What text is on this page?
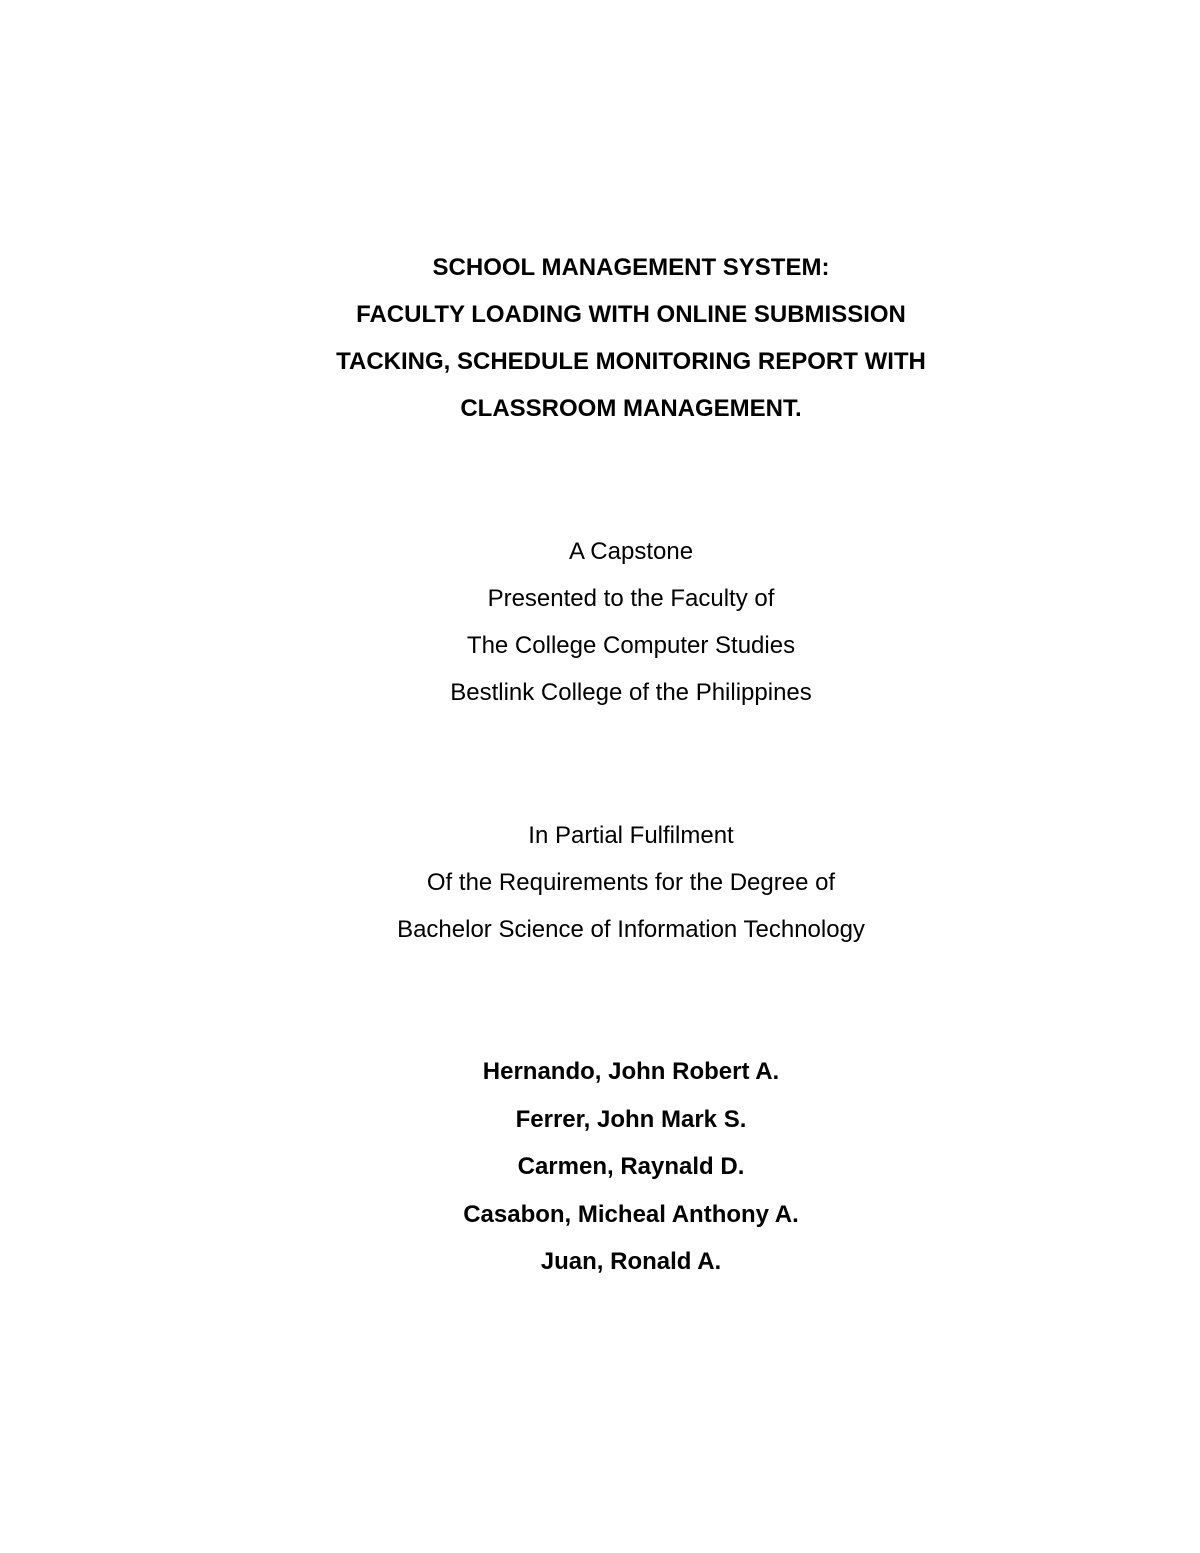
SCHOOL MANAGEMENT SYSTEM:
FACULTY LOADING WITH ONLINE SUBMISSION
TACKING, SCHEDULE MONITORING REPORT WITH
CLASSROOM MANAGEMENT.
A Capstone
Presented to the Faculty of
The College Computer Studies
Bestlink College of the Philippines
In Partial Fulfilment
Of the Requirements for the Degree of
Bachelor Science of Information Technology
Hernando, John Robert A.
Ferrer, John Mark S.
Carmen, Raynald D.
Casabon, Micheal Anthony A.
Juan, Ronald A.
